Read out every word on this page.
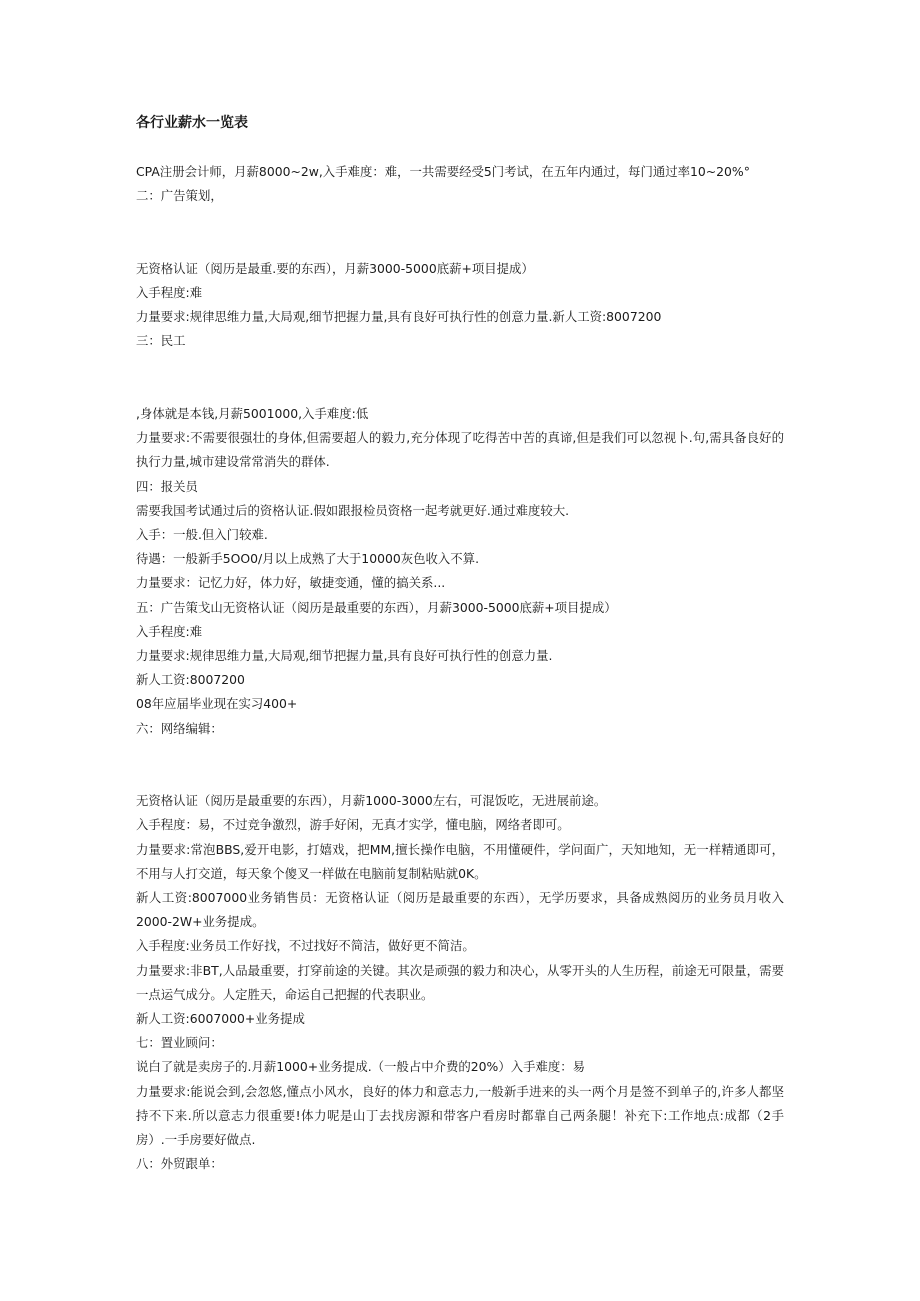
各行业薪水一览表

CPA注册会计师，月薪8000~2w,入手难度：难，一共需要经受5门考试，在五年内通过，每门通过率10~20%°

二：广告策划，

无资格认证（阅历是最重.要的东西），月薪3000-5000底薪+项目提成）

入手程度:难

力量要求:规律思维力量,大局观,细节把握力量,具有良好可执行性的创意力量.新人工资:8007200

三：民工

,身体就是本钱,月薪5001000,入手难度:低

力量要求:不需要很强壮的身体,但需要超人的毅力,充分体现了吃得苦中苦的真谛,但是我们可以忽视卜.句,需具备良好的执行力量,城市建设常常消失的群体.

四：报关员

需要我国考试通过后的资格认证.假如跟报检员资格一起考就更好.通过难度较大.

入手：一般.但入门较难.

待遇：一般新手5OO0/月以上成熟了大于10000灰色收入不算.

力量要求：记忆力好，体力好，敏捷变通，懂的搞关系...

五：广告策戈山无资格认证（阅历是最重要的东西），月薪3000-5000底薪+项目提成）

入手程度:难

力量要求:规律思维力量,大局观,细节把握力量,具有良好可执行性的创意力量.

新人工资:8007200

08年应届毕业现在实习400+

六：网络编辑：

无资格认证（阅历是最重要的东西），月薪1000-3000左右，可混饭吃，无进展前途。

入手程度：易，不过竞争激烈，游手好闲，无真才实学，懂电脑，网络者即可。

力量要求:常泡BBS,爱开电影，打嬉戏，把MM,擅长操作电脑，不用懂硬件，学问面广，天知地知，无一样精通即可，不用与人打交道，每天象个傻叉一样做在电脑前复制粘贴就0K。

新人工资:8007000业务销售员：无资格认证（阅历是最重要的东西），无学历要求，具备成熟阅历的业务员月收入2000-2W+业务提成。

入手程度:业务员工作好找，不过找好不简洁，做好更不简洁。

力量要求:非BT,人品最重要，打穿前途的关键。其次是顽强的毅力和决心，从零开头的人生历程，前途无可限量，需要一点运气成分。人定胜天，命运自己把握的代表职业。

新人工资:6007000+业务提成

七：置业顾问：

说白了就是卖房子的.月薪1000+业务提成.（一般占中介费的20%）入手难度：易

力量要求:能说会到,会忽悠,懂点小风水，良好的体力和意志力,一般新手进来的头一两个月是签不到单子的,许多人都坚持不下来.所以意志力很重要!体力呢是山丁去找房源和带客户看房时都靠自己两条腿！补充下:工作地点:成都（2手房）.一手房要好做点.

八：外贸跟单：
